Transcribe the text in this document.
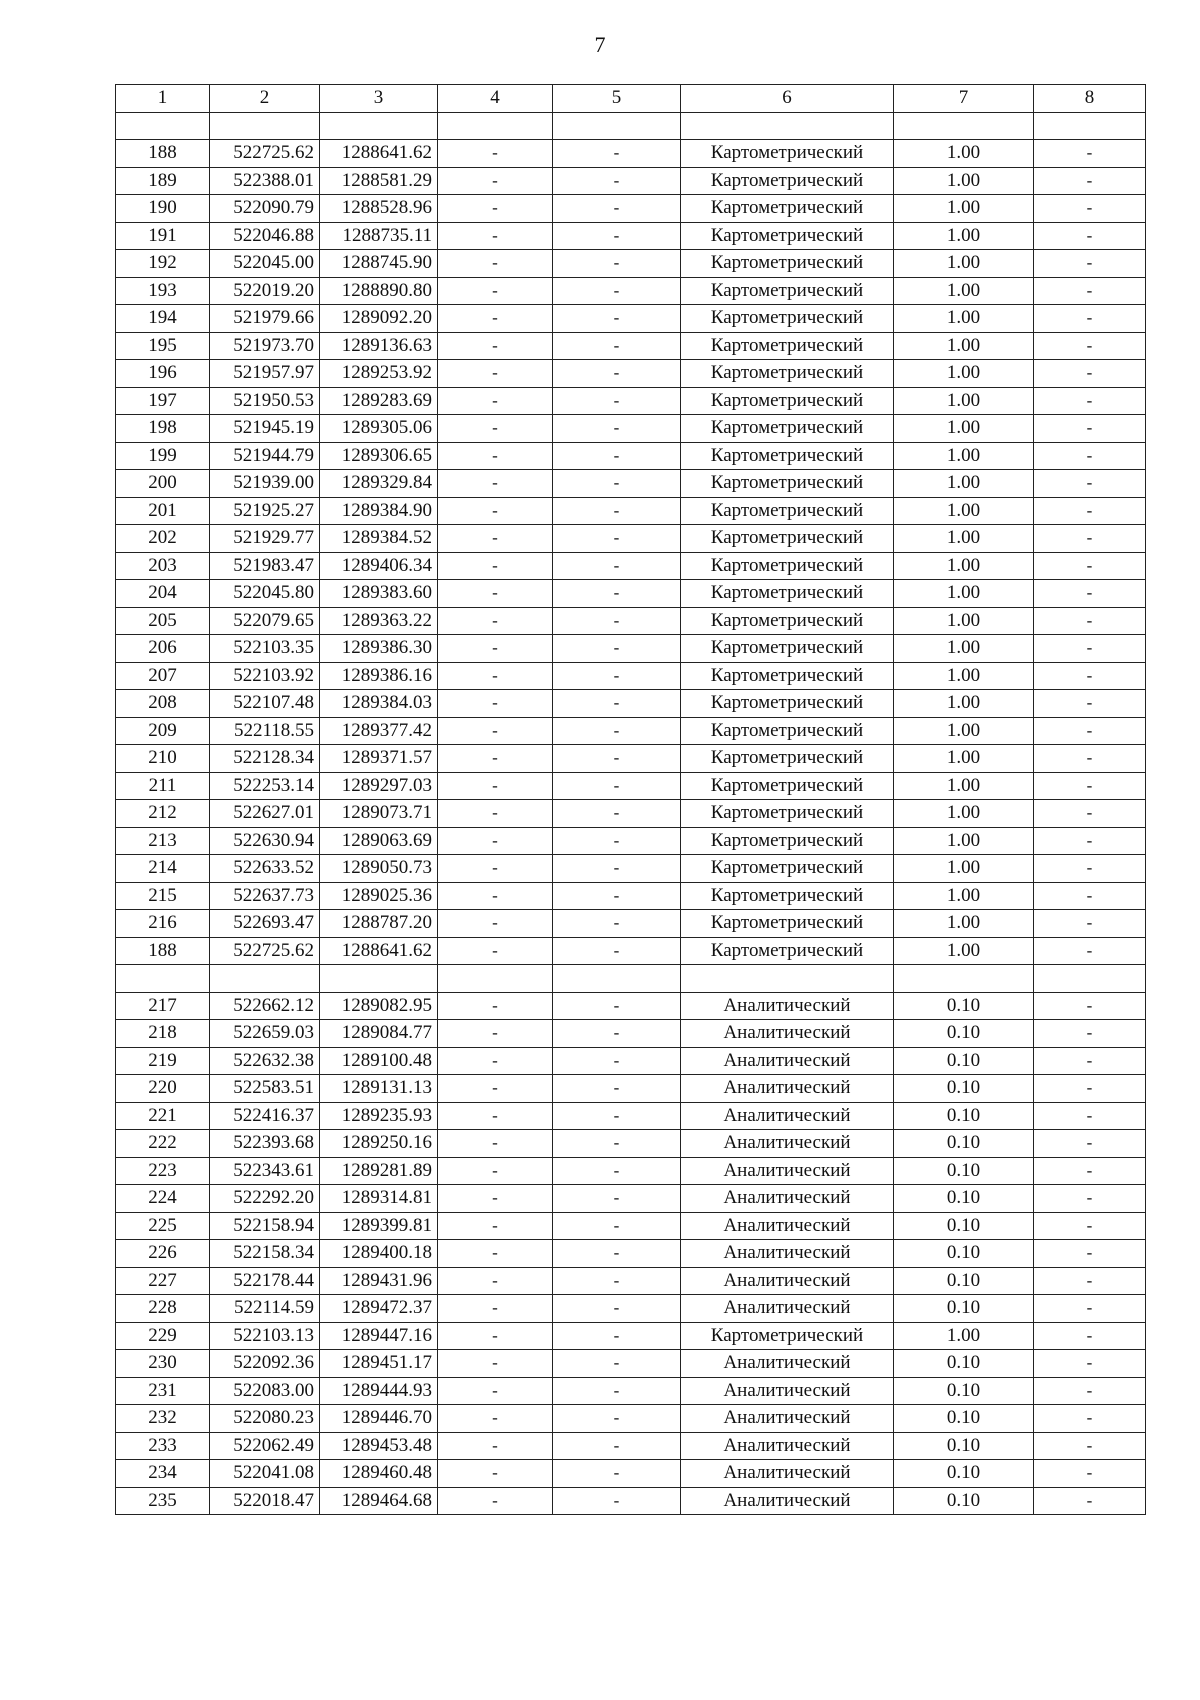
7
1	2	3	4	5	6	7	8

188	522725.62	1288641.62	-	-	Картометрический	1.00	-
189	522388.01	1288581.29	-	-	Картометрический	1.00	-
190	522090.79	1288528.96	-	-	Картометрический	1.00	-
191	522046.88	1288735.11	-	-	Картометрический	1.00	-
192	522045.00	1288745.90	-	-	Картометрический	1.00	-
193	522019.20	1288890.80	-	-	Картометрический	1.00	-
194	521979.66	1289092.20	-	-	Картометрический	1.00	-
195	521973.70	1289136.63	-	-	Картометрический	1.00	-
196	521957.97	1289253.92	-	-	Картометрический	1.00	-
197	521950.53	1289283.69	-	-	Картометрический	1.00	-
198	521945.19	1289305.06	-	-	Картометрический	1.00	-
199	521944.79	1289306.65	-	-	Картометрический	1.00	-
200	521939.00	1289329.84	-	-	Картометрический	1.00	-
201	521925.27	1289384.90	-	-	Картометрический	1.00	-
202	521929.77	1289384.52	-	-	Картометрический	1.00	-
203	521983.47	1289406.34	-	-	Картометрический	1.00	-
204	522045.80	1289383.60	-	-	Картометрический	1.00	-
205	522079.65	1289363.22	-	-	Картометрический	1.00	-
206	522103.35	1289386.30	-	-	Картометрический	1.00	-
207	522103.92	1289386.16	-	-	Картометрический	1.00	-
208	522107.48	1289384.03	-	-	Картометрический	1.00	-
209	522118.55	1289377.42	-	-	Картометрический	1.00	-
210	522128.34	1289371.57	-	-	Картометрический	1.00	-
211	522253.14	1289297.03	-	-	Картометрический	1.00	-
212	522627.01	1289073.71	-	-	Картометрический	1.00	-
213	522630.94	1289063.69	-	-	Картометрический	1.00	-
214	522633.52	1289050.73	-	-	Картометрический	1.00	-
215	522637.73	1289025.36	-	-	Картометрический	1.00	-
216	522693.47	1288787.20	-	-	Картометрический	1.00	-
188	522725.62	1288641.62	-	-	Картометрический	1.00	-

217	522662.12	1289082.95	-	-	Аналитический	0.10	-
218	522659.03	1289084.77	-	-	Аналитический	0.10	-
219	522632.38	1289100.48	-	-	Аналитический	0.10	-
220	522583.51	1289131.13	-	-	Аналитический	0.10	-
221	522416.37	1289235.93	-	-	Аналитический	0.10	-
222	522393.68	1289250.16	-	-	Аналитический	0.10	-
223	522343.61	1289281.89	-	-	Аналитический	0.10	-
224	522292.20	1289314.81	-	-	Аналитический	0.10	-
225	522158.94	1289399.81	-	-	Аналитический	0.10	-
226	522158.34	1289400.18	-	-	Аналитический	0.10	-
227	522178.44	1289431.96	-	-	Аналитический	0.10	-
228	522114.59	1289472.37	-	-	Аналитический	0.10	-
229	522103.13	1289447.16	-	-	Картометрический	1.00	-
230	522092.36	1289451.17	-	-	Аналитический	0.10	-
231	522083.00	1289444.93	-	-	Аналитический	0.10	-
232	522080.23	1289446.70	-	-	Аналитический	0.10	-
233	522062.49	1289453.48	-	-	Аналитический	0.10	-
234	522041.08	1289460.48	-	-	Аналитический	0.10	-
235	522018.47	1289464.68	-	-	Аналитический	0.10	-
